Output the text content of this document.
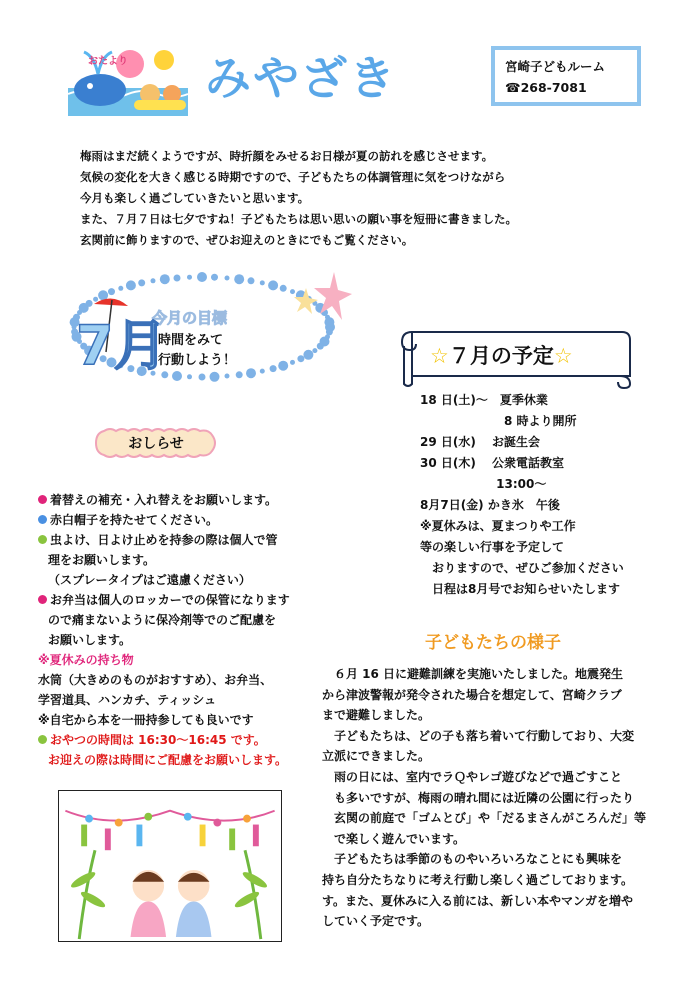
おたより みやざき	宮崎子どもルーム
☎268-7081

梅雨はまだ続くようですが、時折顔をみせるお日様が夏の訪れを感じさせます。

気候の変化を大きく感じる時期ですので、子どもたちの体調管理に気をつけながら

今月も楽しく過ごしていきたいと思います。

また、７月７日は七夕ですね！子どもたちは思い思いの願い事を短冊に書きました。

玄関前に飾りますので、ぜひお迎えのときにでもご覧ください。

7月
今月の目標
時間をみて
行動しよう！
おしらせ
着替えの補充・入れ替えをお願いします。
赤白帽子を持たせてください。
虫よけ、日よけ止めを持参の際は個人で管
理をお願いします。
（スプレータイプはご遠慮ください）
お弁当は個人のロッカーでの保管になります
ので痛まないように保冷剤等でのご配慮を
お願いします。
※夏休みの持ち物
水筒（大きめのものがおすすめ）、お弁当、
学習道具、ハンカチ、ティッシュ
※自宅から本を一冊持参しても良いです
おやつの時間は 16:30～16:45 です。
お迎えの際は時間にご配慮をお願いします。
☆７月の予定☆
18 日(土)～　夏季休業
　　　　　　　8 時より開所
29 日(水)　 お誕生会
30 日(木)　 公衆電話教室
　　　　　　 13:00～
8月7日(金) かき氷　午後
※夏休みは、夏まつりや工作
等の楽しい行事を予定して
　おりますので、ぜひご参加ください
　日程は8月号でお知らせいたします
子どもたちの様子
　６月 16 日に避難訓練を実施いたしました。地震発生
から津波警報が発令された場合を想定して、宮崎クラブ
まで避難しました。
　子どもたちは、どの子も落ち着いて行動しており、大変
立派にできました。
　雨の日には、室内でラＱやレゴ遊びなどで過ごすこと
　も多いですが、梅雨の晴れ間には近隣の公園に行ったり
　玄関の前庭で「ゴムとび」や「だるまさんがころんだ」等
　で楽しく遊んでいます。
　子どもたちは季節のものやいろいろなことにも興味を
持ち自分たちなりに考え行動し楽しく過ごしております。
す。また、夏休みに入る前には、新しい本やマンガを増や
していく予定です。
